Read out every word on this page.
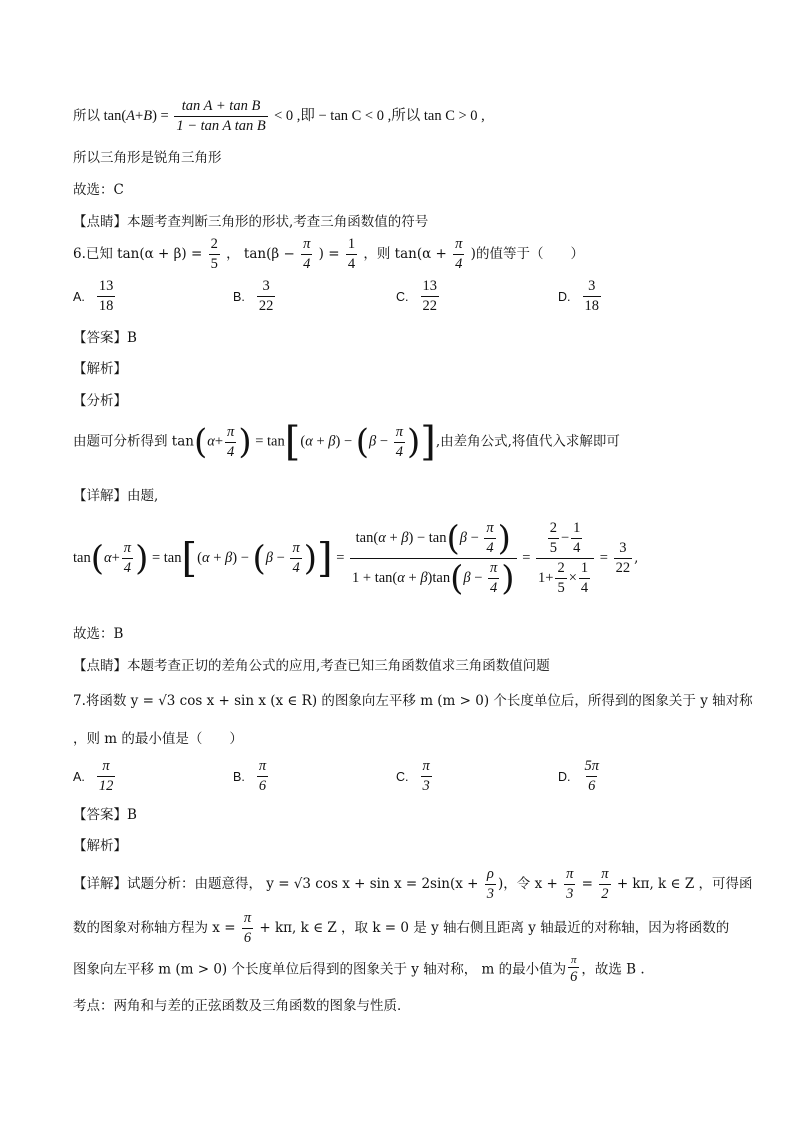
所以 $\tan(A+B) = \frac{\text{tan A + tan B}}{\text{1 − tan A tan B}} < 0$ ,即 − tan C < 0 ,所以 tan C > 0 ,
所以三角形是锐角三角形
故选：C
【点睛】本题考查判断三角形的形状,考查三角函数值的符号
6.已知 $\tan(\alpha + \beta) = \frac{2}{5}$ ， $\tan(\beta - \frac{\pi}{4}$ ) = $\frac{1}{4}$ ，则 $\tan(\alpha + \frac{\pi}{4}$ )的值等于（　　）
A. $\frac{13}{18}$	B. $\frac{3}{22}$	C. $\frac{13}{22}$	D. $\frac{3}{18}$
【答案】B
【解析】
【分析】
由题可分析得到 $\tan(\alpha+ \frac{\pi}{4}$ ) = $\tan[(\alpha + \beta) - (\beta - \frac{\pi}{4}$ )],由差角公式,将值代入求解即可
【详解】由题,
$\tan(\alpha+ \frac{\pi}{4}$ ) = $\tan[(\alpha + \beta) - (\beta - \frac{\pi}{4}$ )] = $\frac{\tan(\alpha + \beta) - \tan(\beta - \frac{\pi}{4} )}{1 + \tan(\alpha + \beta)\tan(\beta - \frac{\pi}{4} )} = \frac{\frac{2}{5} - \frac{1}{4}}{1+ \frac{2}{5} \times \frac{1}{4}} = \frac{3}{22}$ ,
故选：B
【点睛】本题考查正切的差角公式的应用,考查已知三角函数值求三角函数值问题
7.将函数 y = √3 cos x + sin x (x ∈ R) 的图象向左平移 m (m > 0) 个长度单位后，所得到的图象关于 y 轴对称
，则 m 的最小值是（　　）
A. $\frac{\pi}{12}$	B. $\frac{\pi}{6}$	C. $\frac{\pi}{3}$	D. $\frac{5\pi}{6}$
【答案】B
【解析】
【详解】试题分析：由题意得， y = √3 $\cos x + \sin x = 2\sin(x + \frac{\rho}{3}$ )，令 $x + \frac{\pi}{3} = \frac{\pi}{2} + k\pi$, k ∈ Z ，可得函
数的图象对称轴方程为 $x = \frac{\pi}{6} + k\pi$, k ∈ Z ，取 k = 0 是 y 轴右侧且距离 y 轴最近的对称轴，因为将函数的
图象向左平移 m (m > 0) 个长度单位后得到的图象关于 y 轴对称， m 的最小值为 $\frac{\pi}{6}$ ，故选 B .
考点：两角和与差的正弦函数及三角函数的图象与性质．
